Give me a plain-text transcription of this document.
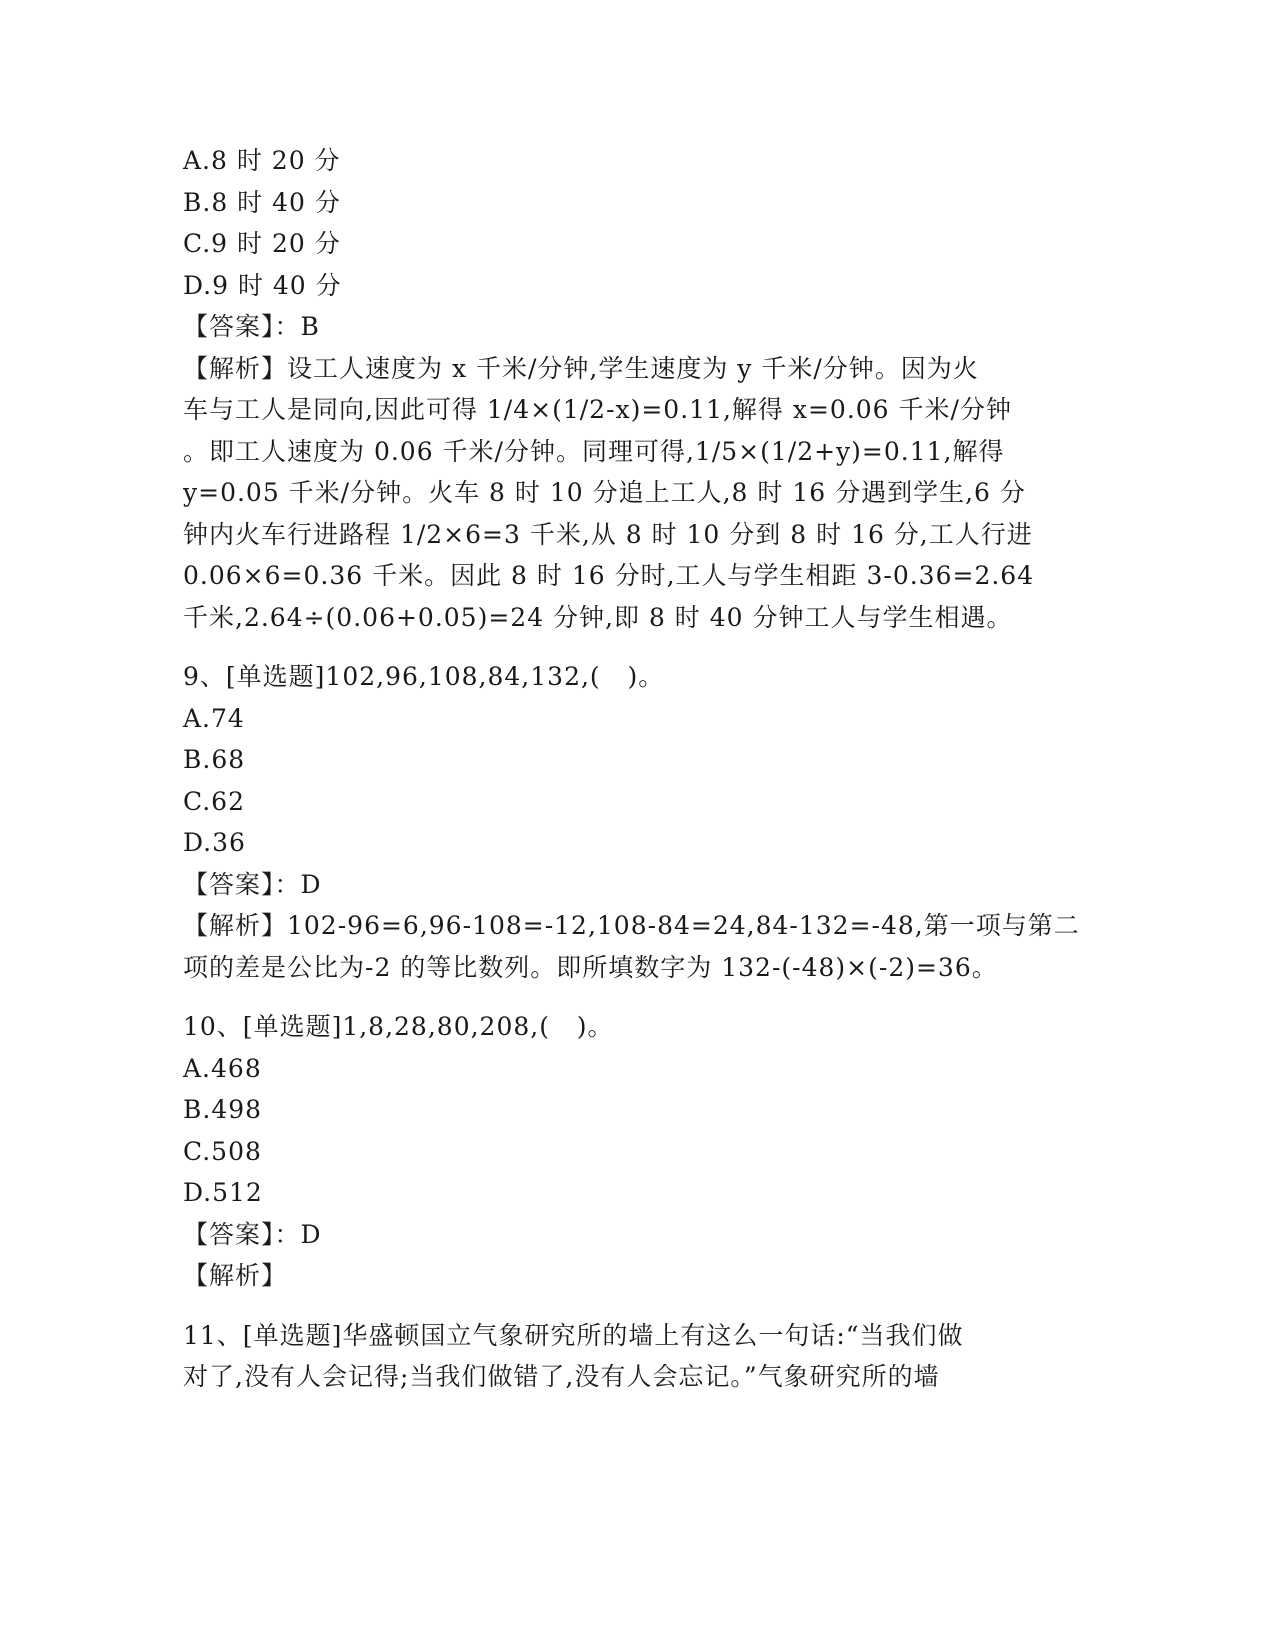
A.8 时 20 分
B.8 时 40 分
C.9 时 20 分
D.9 时 40 分
【答案】：B
【解析】设工人速度为 x 千米/分钟,学生速度为 y 千米/分钟。因为火
车与工人是同向,因此可得 1/4×(1/2-x)=0.11,解得 x=0.06 千米/分钟
。即工人速度为 0.06 千米/分钟。同理可得,1/5×(1/2+y)=0.11,解得
y=0.05 千米/分钟。火车 8 时 10 分追上工人,8 时 16 分遇到学生,6 分
钟内火车行进路程 1/2×6=3 千米,从 8 时 10 分到 8 时 16 分,工人行进
0.06×6=0.36 千米。因此 8 时 16 分时,工人与学生相距 3-0.36=2.64
千米,2.64÷(0.06+0.05)=24 分钟,即 8 时 40 分钟工人与学生相遇。
9、[单选题]102,96,108,84,132,(   )。
A.74
B.68
C.62
D.36
【答案】：D
【解析】102-96=6,96-108=-12,108-84=24,84-132=-48,第一项与第二
项的差是公比为-2 的等比数列。即所填数字为 132-(-48)×(-2)=36。
10、[单选题]1,8,28,80,208,(   )。
A.468
B.498
C.508
D.512
【答案】：D
【解析】
11、[单选题]华盛顿国立气象研究所的墙上有这么一句话:“当我们做
对了,没有人会记得;当我们做错了,没有人会忘记。”气象研究所的墙
